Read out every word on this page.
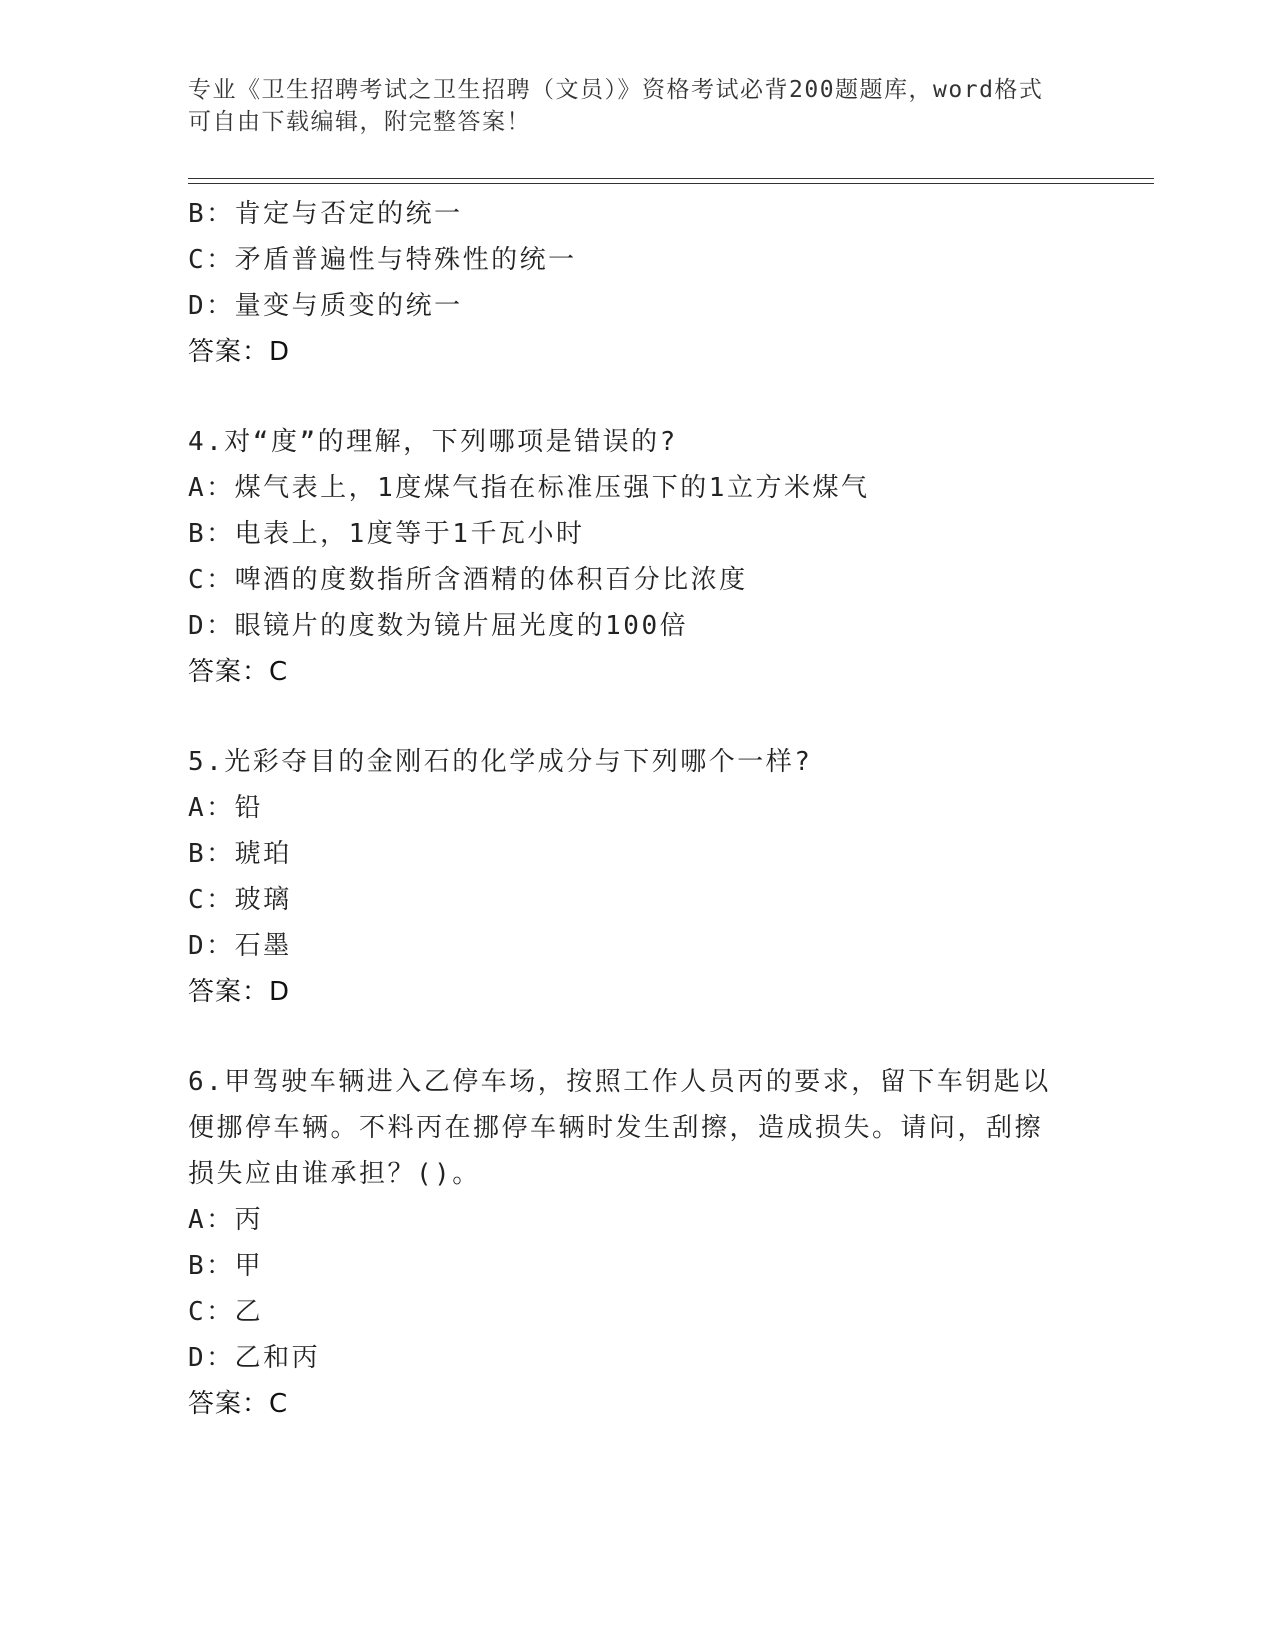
专业《卫生招聘考试之卫生招聘（文员）》资格考试必背200题题库，word格式
可自由下载编辑，附完整答案！
B：肯定与否定的统一
C：矛盾普遍性与特殊性的统一
D：量变与质变的统一
答案：D
4.对“度”的理解，下列哪项是错误的?
A：煤气表上，1度煤气指在标准压强下的1立方米煤气
B：电表上，1度等于1千瓦小时
C：啤酒的度数指所含酒精的体积百分比浓度
D：眼镜片的度数为镜片屈光度的100倍
答案：C
5.光彩夺目的金刚石的化学成分与下列哪个一样?
A：铅
B：琥珀
C：玻璃
D：石墨
答案：D
6.甲驾驶车辆进入乙停车场，按照工作人员丙的要求，留下车钥匙以
便挪停车辆。不料丙在挪停车辆时发生刮擦，造成损失。请问，刮擦
损失应由谁承担？()。
A：丙
B：甲
C：乙
D：乙和丙
答案：C
